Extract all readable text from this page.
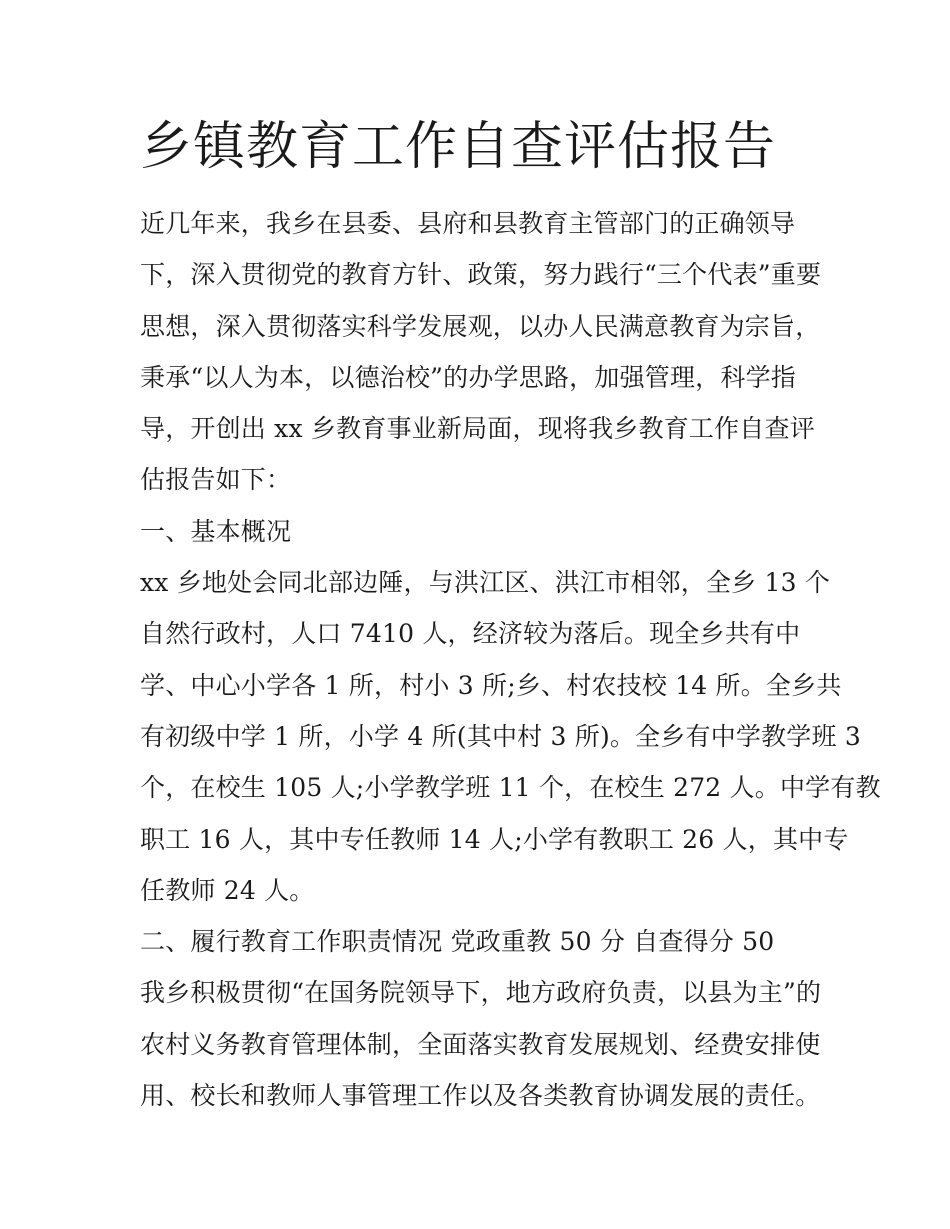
乡镇教育工作自查评估报告
近几年来，我乡在县委、县府和县教育主管部门的正确领导
下，深入贯彻党的教育方针、政策，努力践行“三个代表”重要
思想，深入贯彻落实科学发展观，以办人民满意教育为宗旨，
秉承“以人为本，以德治校”的办学思路，加强管理，科学指
导，开创出 xx 乡教育事业新局面，现将我乡教育工作自查评
估报告如下：
一、基本概况
xx 乡地处会同北部边陲，与洪江区、洪江市相邻，全乡 13 个
自然行政村，人口 7410 人，经济较为落后。现全乡共有中
学、中心小学各 1 所，村小 3 所;乡、村农技校 14 所。全乡共
有初级中学 1 所，小学 4 所(其中村 3 所)。全乡有中学教学班 3
个，在校生 105 人;小学教学班 11 个，在校生 272 人。中学有教
职工 16 人，其中专任教师 14 人;小学有教职工 26 人，其中专
任教师 24 人。
二、履行教育工作职责情况 党政重教 50 分 自查得分 50
我乡积极贯彻“在国务院领导下，地方政府负责，以县为主”的
农村义务教育管理体制，全面落实教育发展规划、经费安排使
用、校长和教师人事管理工作以及各类教育协调发展的责任。
